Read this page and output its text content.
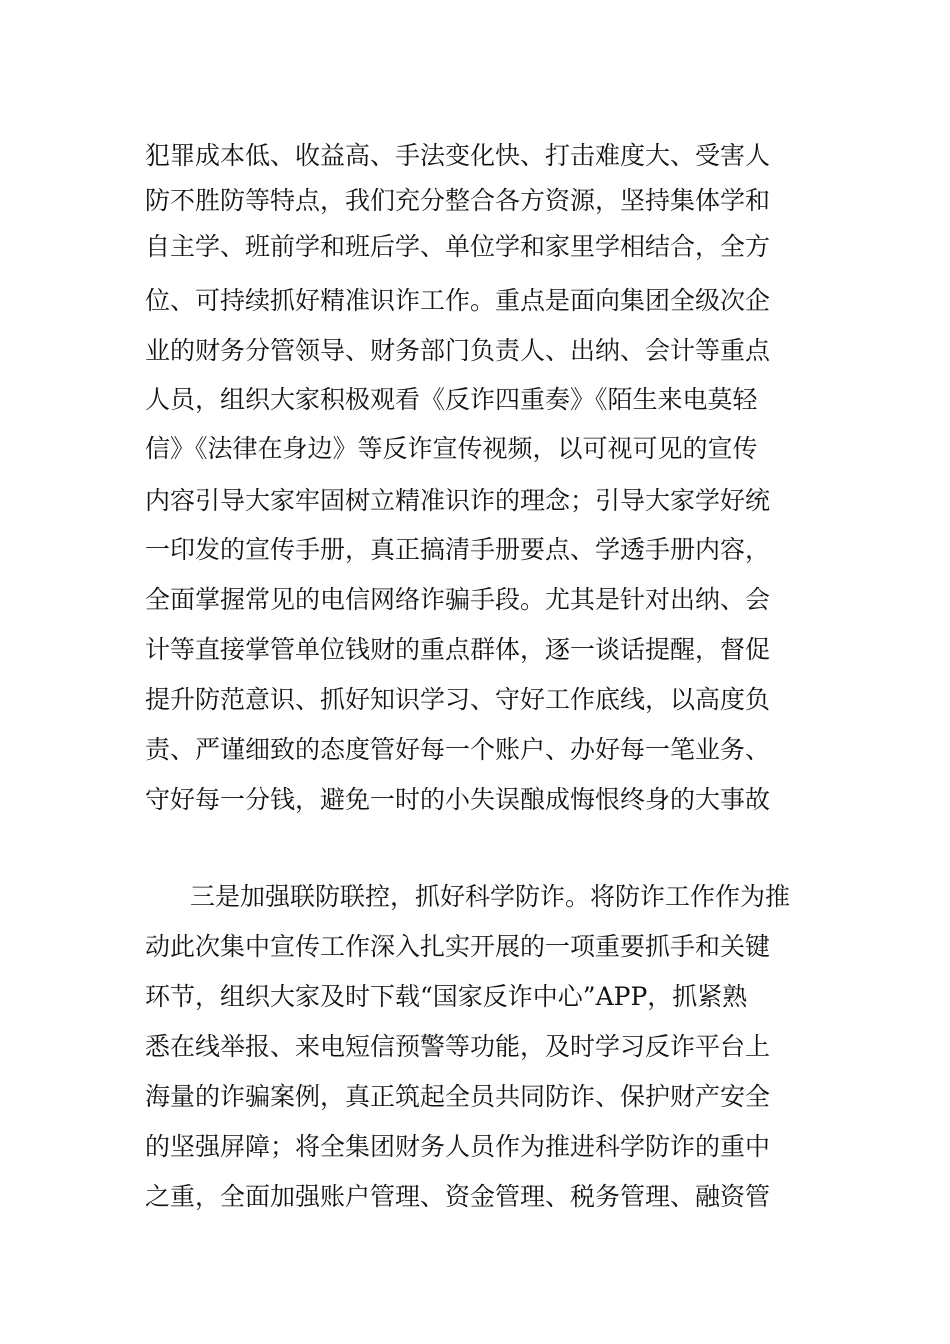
犯罪成本低、收益高、手法变化快、打击难度大、受害人

防不胜防等特点，我们充分整合各方资源，坚持集体学和

自主学、班前学和班后学、单位学和家里学相结合，全方

位、可持续抓好精准识诈工作。重点是面向集团全级次企

业的财务分管领导、财务部门负责人、出纳、会计等重点

人员，组织大家积极观看《反诈四重奏》《陌生来电莫轻

信》《法律在身边》等反诈宣传视频，以可视可见的宣传

内容引导大家牢固树立精准识诈的理念；引导大家学好统

一印发的宣传手册，真正搞清手册要点、学透手册内容，

全面掌握常见的电信网络诈骗手段。尤其是针对出纳、会

计等直接掌管单位钱财的重点群体，逐一谈话提醒，督促

提升防范意识、抓好知识学习、守好工作底线，以高度负

责、严谨细致的态度管好每一个账户、办好每一笔业务、

守好每一分钱，避免一时的小失误酿成悔恨终身的大事故

三是加强联防联控，抓好科学防诈。将防诈工作作为推

动此次集中宣传工作深入扎实开展的一项重要抓手和关键

环节，组织大家及时下载“国家反诈中心”APP，抓紧熟

悉在线举报、来电短信预警等功能，及时学习反诈平台上

海量的诈骗案例，真正筑起全员共同防诈、保护财产安全

的坚强屏障；将全集团财务人员作为推进科学防诈的重中

之重，全面加强账户管理、资金管理、税务管理、融资管
